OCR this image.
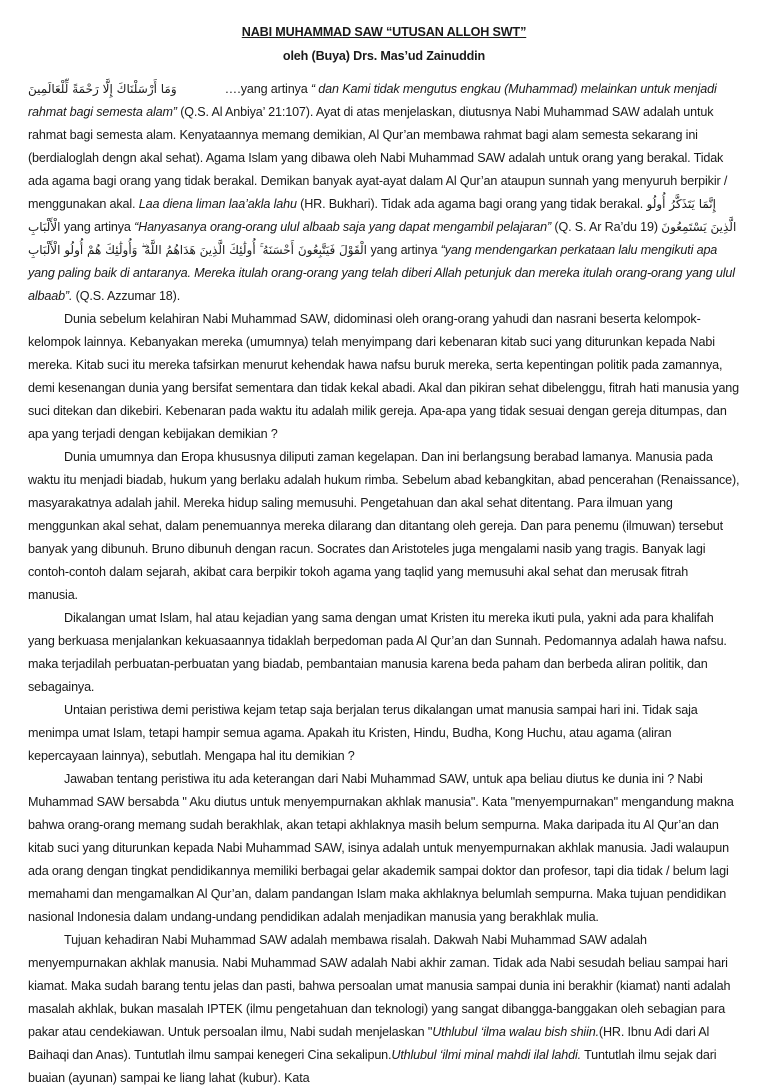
NABI MUHAMMAD SAW “UTUSAN ALLOH SWT”

oleh (Buya) Drs. Mas’ud Zainuddin

وَمَا أَرْسَلْنَاكَ إِلَّا رَحْمَةً لِّلْعَالَمِينَ	….yang artinya “ dan Kami tidak mengutus engkau (Muhammad) melainkan untuk menjadi rahmat bagi semesta alam” (Q.S. Al Anbiya’ 21:107). Ayat di atas menjelaskan, diutusnya Nabi Muhammad SAW adalah untuk rahmat bagi semesta alam. Kenyataannya memang demikian, Al Qur’an membawa rahmat bagi alam semesta sekarang ini (berdialoglah dengn akal sehat). Agama Islam yang dibawa oleh Nabi Muhammad SAW adalah untuk orang yang berakal. Tidak ada agama bagi orang yang tidak berakal. Demikan banyak ayat-ayat dalam Al Qur’an ataupun sunnah yang menyuruh berpikir / menggunakan akal. Laa diena liman laa’akla lahu (HR. Bukhari). Tidak ada agama bagi orang yang tidak berakal. إِنَّمَا يَتَذَكَّرُ أُولُو الْأَلْبَابِ yang artinya “Hanyasanya orang-orang ulul albaab saja yang dapat mengambil pelajaran” (Q. S. Ar Ra’du 19) الَّذِينَ يَسْتَمِعُونَ الْقَوْلَ فَيَتَّبِعُونَ أَحْسَنَهُ ۚ أُولَٰئِكَ الَّذِينَ هَدَاهُمُ اللَّهُ ۖ وَأُولَٰئِكَ هُمْ أُولُو الْأَلْبَابِ yang artinya “yang mendengarkan perkataan lalu mengikuti apa yang paling baik di antaranya. Mereka itulah orang-orang yang telah diberi Allah petunjuk dan mereka itulah orang-orang yang ulul albaab”. (Q.S. Azzumar 18).

Dunia sebelum kelahiran Nabi Muhammad SAW, didominasi oleh orang-orang yahudi dan nasrani beserta kelompok-kelompok lainnya. Kebanyakan mereka (umumnya) telah menyimpang dari kebenaran kitab suci yang diturunkan kepada Nabi mereka. Kitab suci itu mereka tafsirkan menurut kehendak hawa nafsu buruk mereka, serta kepentingan politik pada zamannya, demi kesenangan dunia yang bersifat sementara dan tidak kekal abadi. Akal dan pikiran sehat dibelenggu, fitrah hati manusia yang suci ditekan dan dikebiri. Kebenaran pada waktu itu adalah milik gereja. Apa-apa yang tidak sesuai dengan gereja ditumpas, dan apa yang terjadi dengan kebijakan demikian ?

Dunia umumnya dan Eropa khususnya diliputi zaman kegelapan. Dan ini berlangsung berabad lamanya. Manusia pada waktu itu menjadi biadab, hukum yang berlaku adalah hukum rimba. Sebelum abad kebangkitan, abad pencerahan (Renaissance), masyarakatnya adalah jahil. Mereka hidup saling memusuhi. Pengetahuan dan akal sehat ditentang. Para ilmuan yang menggunkan akal sehat, dalam penemuannya mereka dilarang dan ditantang oleh gereja. Dan para penemu (ilmuwan) tersebut banyak yang dibunuh. Bruno dibunuh dengan racun. Socrates dan Aristoteles juga mengalami nasib yang tragis. Banyak lagi contoh-contoh dalam sejarah, akibat cara berpikir tokoh agama yang taqlid yang memusuhi akal sehat dan merusak fitrah manusia.

Dikalangan umat Islam, hal atau kejadian yang sama dengan umat Kristen itu mereka ikuti pula, yakni ada para khalifah yang berkuasa menjalankan kekuasaannya tidaklah berpedoman pada Al Qur’an dan Sunnah. Pedomannya adalah hawa nafsu. maka terjadilah perbuatan-perbuatan yang biadab, pembantaian manusia karena beda paham dan berbeda aliran politik, dan sebagainya.

Untaian peristiwa demi peristiwa kejam tetap saja berjalan terus dikalangan umat manusia sampai hari ini. Tidak saja menimpa umat Islam, tetapi hampir semua agama. Apakah itu Kristen, Hindu, Budha, Kong Huchu, atau agama (aliran kepercayaan lainnya), sebutlah. Mengapa hal itu demikian ?

Jawaban tentang peristiwa itu ada keterangan dari Nabi Muhammad SAW, untuk apa beliau diutus ke dunia ini ? Nabi Muhammad SAW bersabda " Aku diutus untuk menyempurnakan akhlak manusia". Kata "menyempurnakan" mengandung makna bahwa orang-orang memang sudah berakhlak, akan tetapi akhlaknya masih belum sempurna. Maka daripada itu Al Qur’an dan kitab suci yang diturunkan kepada Nabi Muhammad SAW, isinya adalah untuk menyempurnakan akhlak manusia. Jadi walaupun ada orang dengan tingkat pendidikannya memiliki berbagai gelar akademik sampai doktor dan profesor, tapi dia tidak / belum lagi memahami dan mengamalkan Al Qur’an, dalam pandangan Islam maka akhlaknya belumlah sempurna. Maka tujuan pendidikan nasional Indonesia dalam undang-undang pendidikan adalah menjadikan manusia yang berakhlak mulia.

Tujuan kehadiran Nabi Muhammad SAW adalah membawa risalah. Dakwah Nabi Muhammad SAW adalah menyempurnakan akhlak manusia. Nabi Muhammad SAW adalah Nabi akhir zaman. Tidak ada Nabi sesudah beliau sampai hari kiamat. Maka sudah barang tentu jelas dan pasti, bahwa persoalan umat manusia sampai dunia ini berakhir (kiamat) nanti adalah masalah akhlak, bukan masalah IPTEK (ilmu pengetahuan dan teknologi) yang sangat dibangga-banggakan oleh sebagian para pakar atau cendekiawan. Untuk persoalan ilmu, Nabi sudah menjelaskan "Uthlubul ‘ilma walau bish shiin.(HR. Ibnu Adi dari Al Baihaqi dan Anas). Tuntutlah ilmu sampai kenegeri Cina sekalipun.Uthlubul ‘ilmi minal mahdi ilal lahdi. Tuntutlah ilmu sejak dari buaian (ayunan) sampai ke liang lahat (kubur). Kata
